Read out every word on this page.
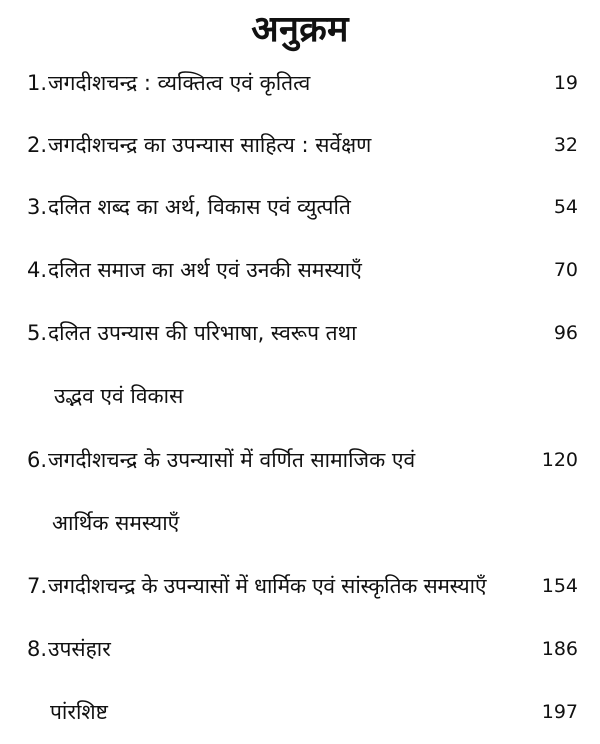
अनुक्रम
1. जगदीशचन्द्र : व्यक्तित्व एवं कृतित्व	19
2. जगदीशचन्द्र का उपन्यास साहित्य : सर्वेक्षण	32
3. दलित शब्द का अर्थ, विकास एवं व्युत्पति	54
4. दलित समाज का अर्थ एवं उनकी समस्याएँ	70
5. दलित उपन्यास की परिभाषा, स्वरूप तथा	96
उद्भव एवं विकास
6. जगदीशचन्द्र के उपन्यासों में वर्णित सामाजिक एवं	120
आर्थिक समस्याएँ
7. जगदीशचन्द्र के उपन्यासों में धार्मिक एवं सांस्कृतिक समस्याएँ	154
8. उपसंहार	186
पांरशिष्ट	197
